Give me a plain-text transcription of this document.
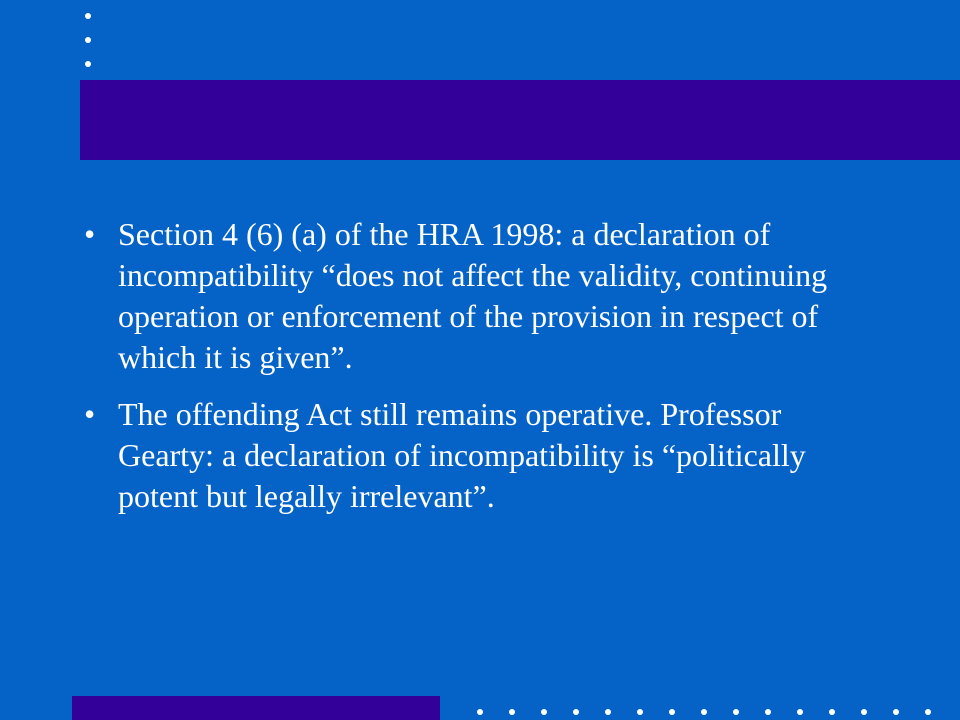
• Section 4 (6) (a) of the HRA 1998: a declaration of incompatibility “does not affect the validity, continuing operation or enforcement of the provision in respect of which it is given”.
• The offending Act still remains operative. Professor Gearty: a declaration of incompatibility is “politically potent but legally irrelevant”.
